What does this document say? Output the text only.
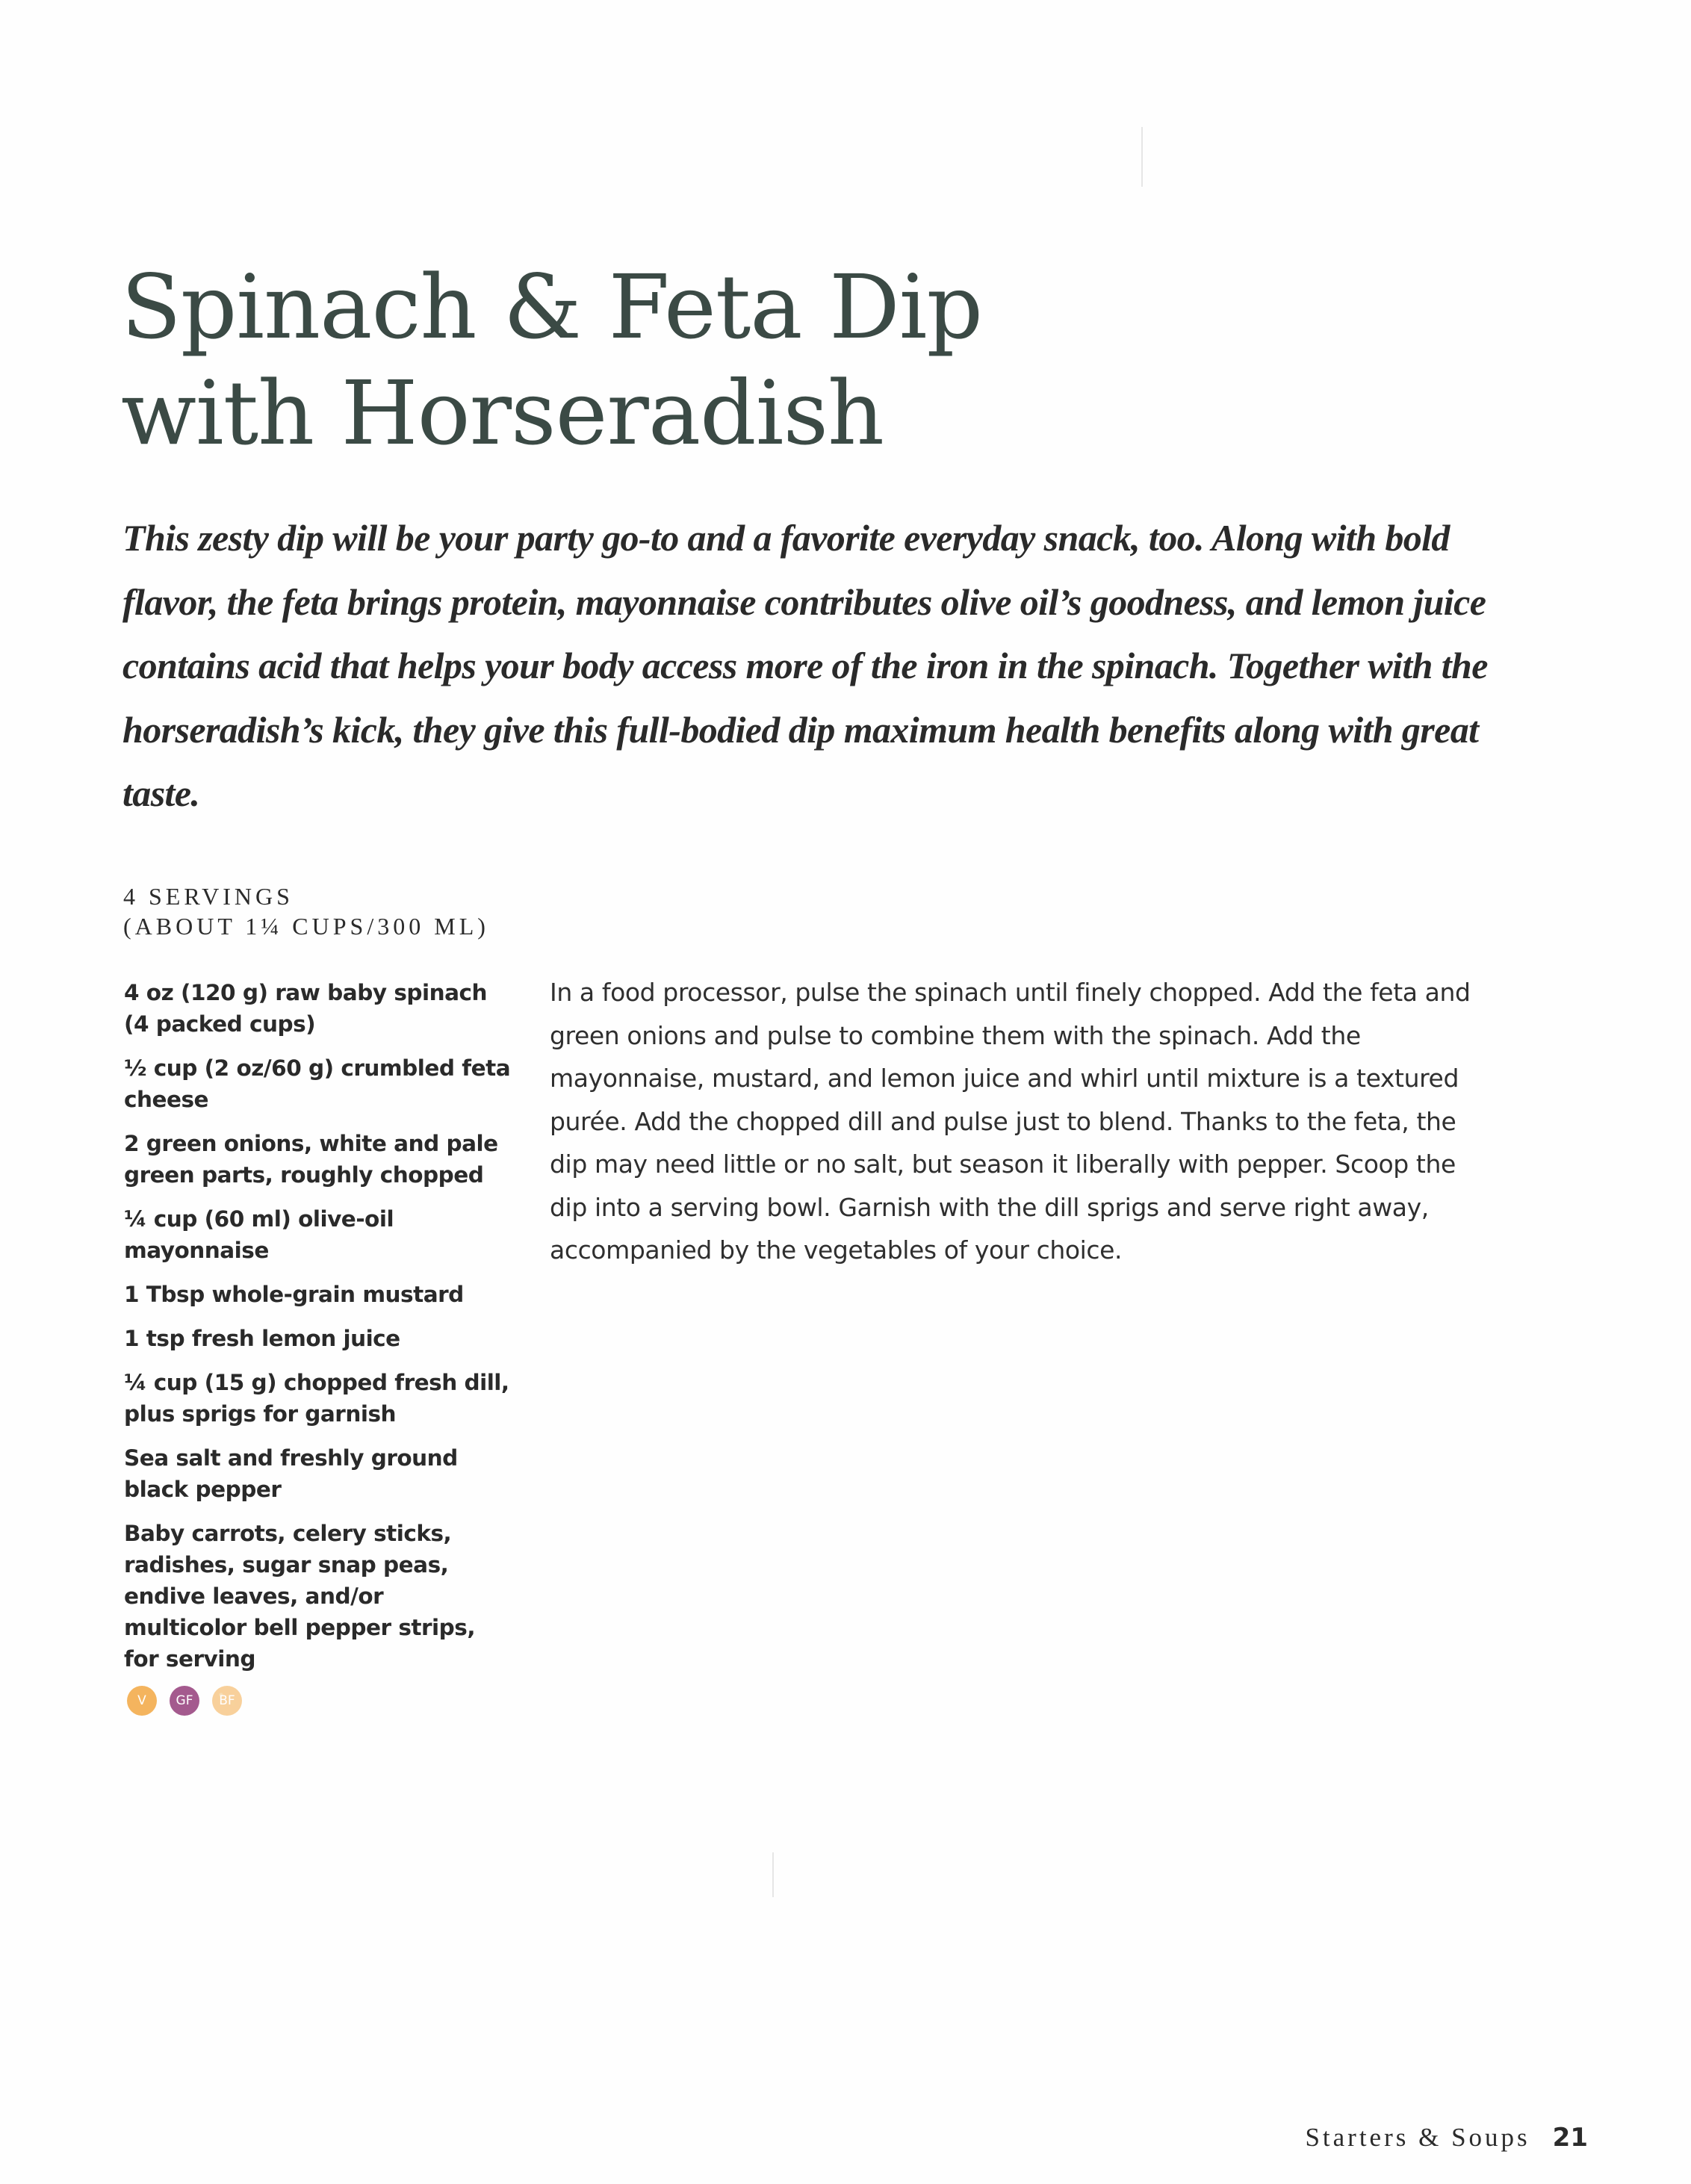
Spinach & Feta Dip
with Horseradish

This zesty dip will be your party go-to and a favorite everyday snack, too. Along with bold flavor, the feta brings protein, mayonnaise contributes olive oil’s goodness, and lemon juice contains acid that helps your body access more of the iron in the spinach. Together with the horseradish’s kick, they give this full-bodied dip maximum health benefits along with great taste.

4 SERVINGS
(ABOUT 1¼ CUPS/300 ML)
4 oz (120 g) raw baby spinach (4 packed cups)
½ cup (2 oz/60 g) crumbled feta cheese
2 green onions, white and pale green parts, roughly chopped
¼ cup (60 ml) olive-oil mayonnaise
1 Tbsp whole-grain mustard
1 tsp fresh lemon juice
¼ cup (15 g) chopped fresh dill, plus sprigs for garnish
Sea salt and freshly ground black pepper
Baby carrots, celery sticks, radishes, sugar snap peas, endive leaves, and/or multicolor bell pepper strips, for serving

In a food processor, pulse the spinach until finely chopped. Add the feta and green onions and pulse to combine them with the spinach. Add the mayonnaise, mustard, and lemon juice and whirl until mixture is a textured purée. Add the chopped dill and pulse just to blend. Thanks to the feta, the dip may need little or no salt, but season it liberally with pepper. Scoop the dip into a serving bowl. Garnish with the dill sprigs and serve right away, accompanied by the vegetables of your choice.

V	GF	BF
Starters & Soups 21
